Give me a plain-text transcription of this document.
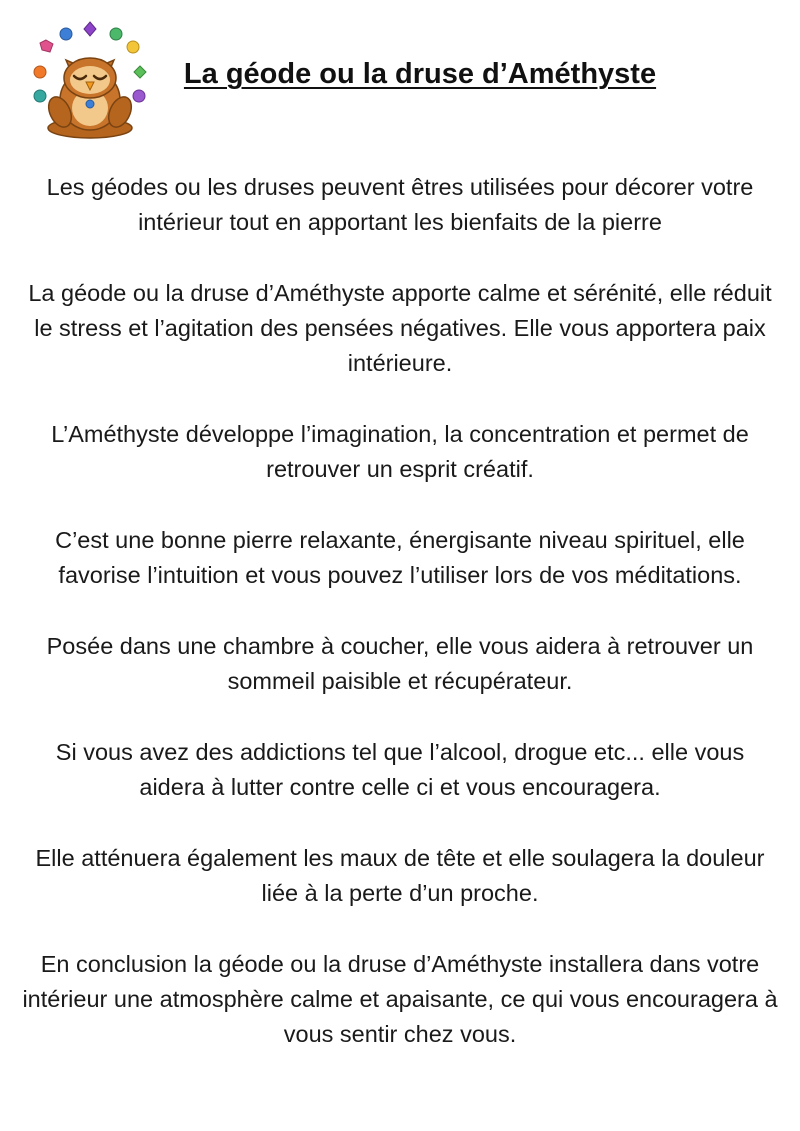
La géode ou la druse d’Améthyste

Les géodes ou les druses peuvent êtres utilisées pour décorer votre intérieur tout en apportant les bienfaits de la pierre

La géode ou la druse d’Améthyste apporte calme et sérénité, elle réduit le stress et l’agitation des pensées négatives. Elle vous apportera paix intérieure.

L’Améthyste développe l’imagination, la concentration et permet de retrouver un esprit créatif.

C’est une bonne pierre relaxante, énergisante niveau spirituel, elle favorise l’intuition et vous pouvez l’utiliser lors de vos méditations.

Posée dans une chambre à coucher, elle vous aidera à retrouver un sommeil paisible et récupérateur.

Si vous avez des addictions tel que l’alcool, drogue etc... elle vous aidera à lutter contre celle ci et vous encouragera.

Elle atténuera également les maux de tête et elle soulagera la douleur liée à la perte d’un proche.

En conclusion la géode ou la druse d’Améthyste installera dans votre intérieur une atmosphère calme et apaisante, ce qui vous encouragera à vous sentir chez vous.
